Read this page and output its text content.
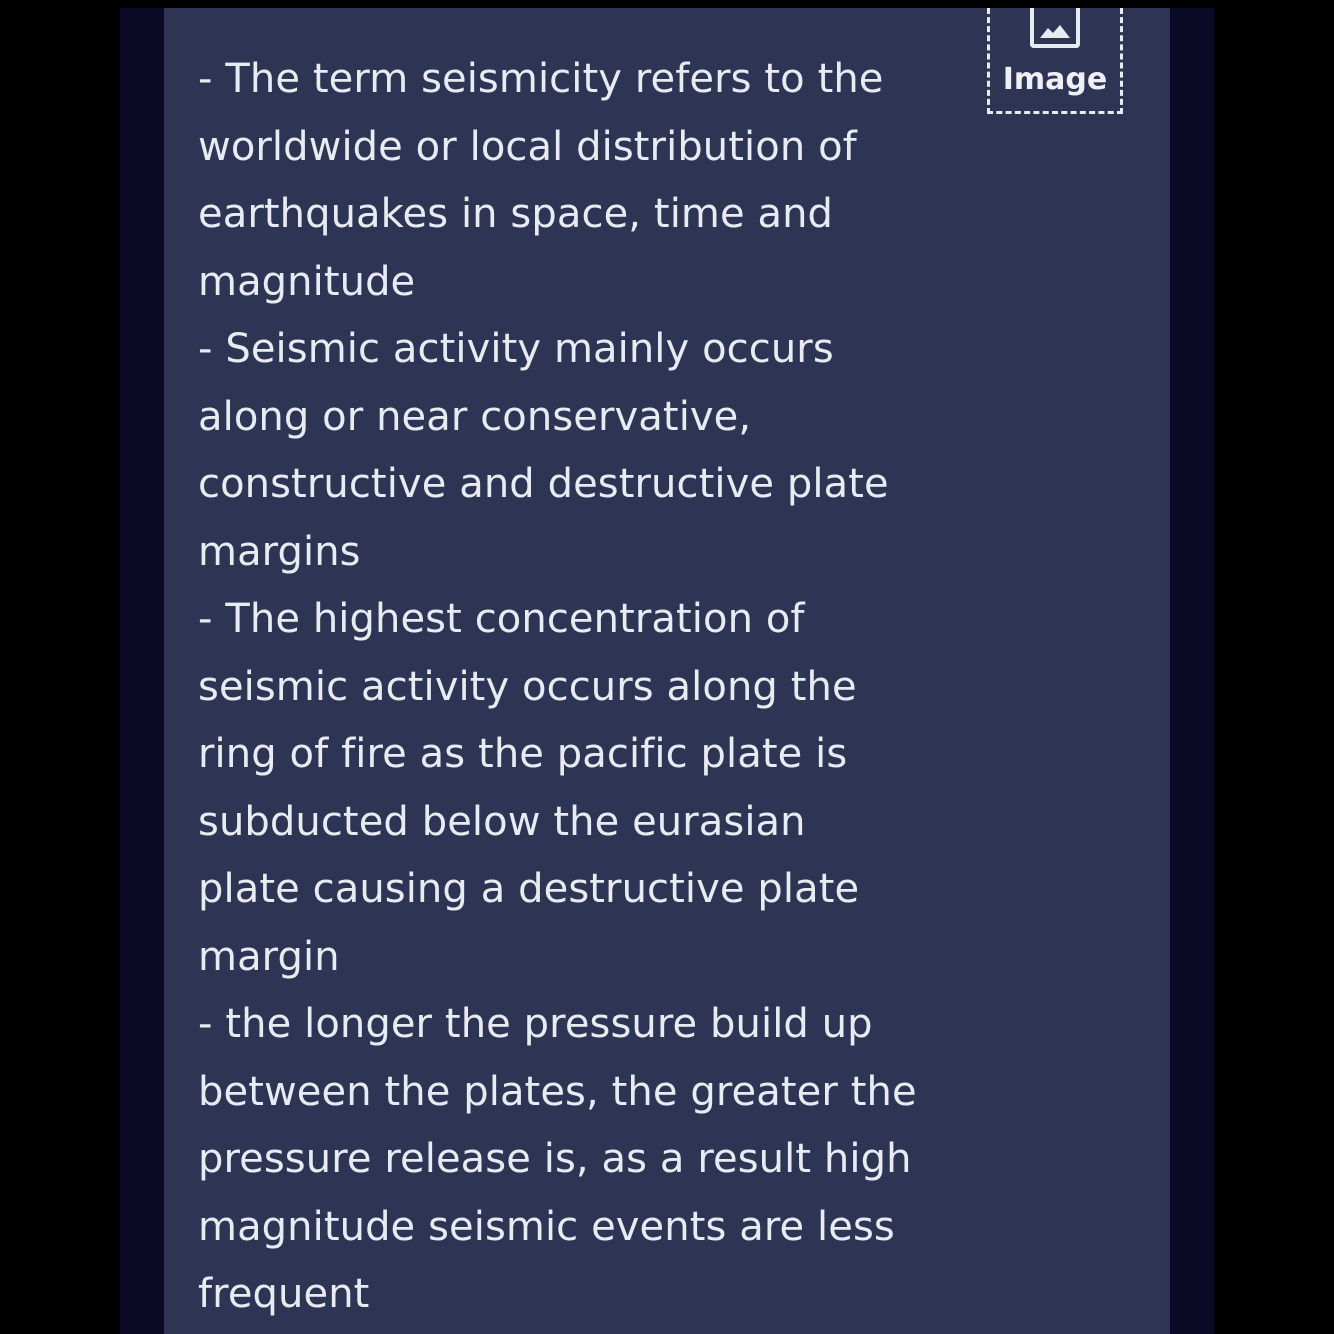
- The term seismicity refers to the
worldwide or local distribution of
earthquakes in space, time and
magnitude
- Seismic activity mainly occurs
along or near conservative,
constructive and destructive plate
margins
- The highest concentration of
seismic activity occurs along the
ring of fire as the pacific plate is
subducted below the eurasian
plate causing a destructive plate
margin
- the longer the pressure build up
between the plates, the greater the
pressure release is, as a result high
magnitude seismic events are less
frequent
Image
